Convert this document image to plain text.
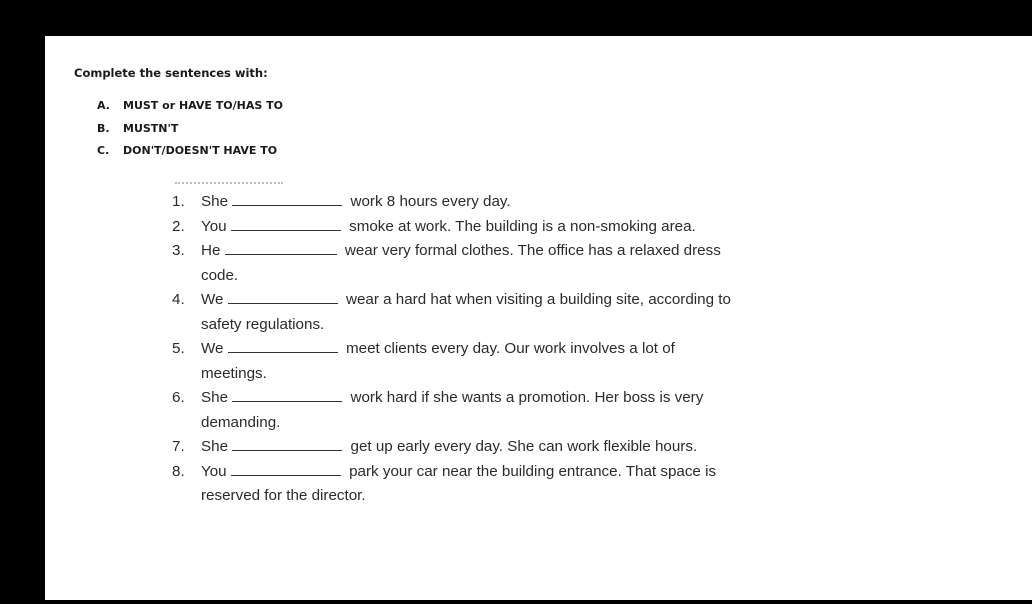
Complete the sentences with:

A.	MUST or HAVE TO/HAS TO
B.	MUSTN'T
C.	DON'T/DOESN'T HAVE TO
1.	She	work 8 hours every day.
2.	You	smoke at work. The building is a non-smoking area.
3.	He	wear very formal clothes. The office has a relaxed dress code.
4.	We	wear a hard hat when visiting a building site, according to safety regulations.
5.	We	meet clients every day. Our work involves a lot of meetings.
6.	She	work hard if she wants a promotion. Her boss is very demanding.
7.	She	get up early every day. She can work flexible hours.
8.	You	park your car near the building entrance. That space is reserved for the director.
